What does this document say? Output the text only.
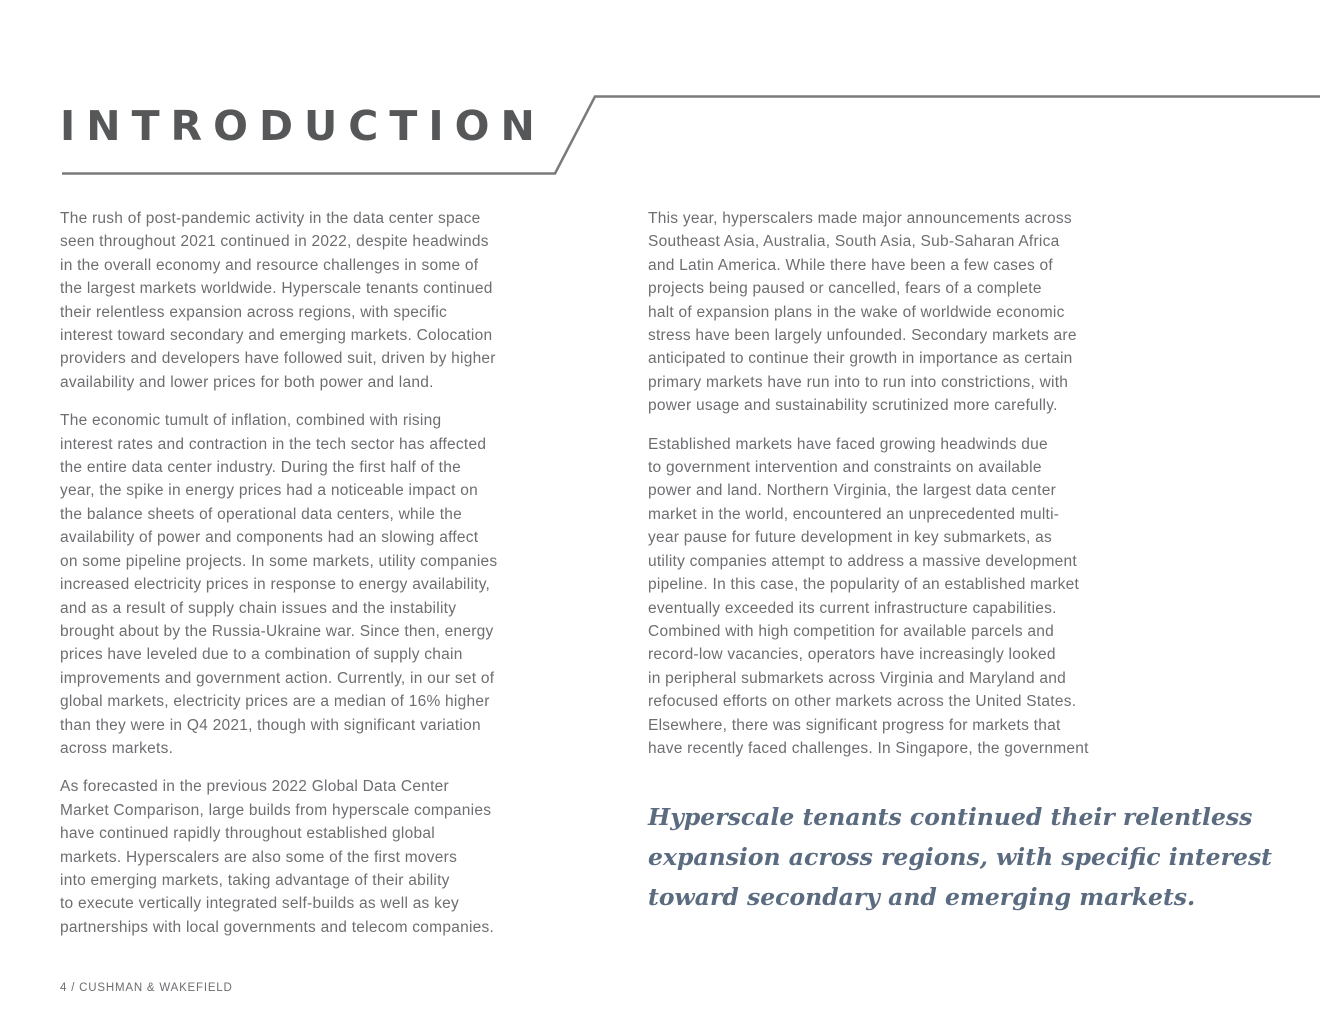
INTRODUCTION

The rush of post-pandemic activity in the data center space
seen throughout 2021 continued in 2022, despite headwinds
in the overall economy and resource challenges in some of
the largest markets worldwide. Hyperscale tenants continued
their relentless expansion across regions, with specific
interest toward secondary and emerging markets. Colocation
providers and developers have followed suit, driven by higher
availability and lower prices for both power and land.

The economic tumult of inflation, combined with rising
interest rates and contraction in the tech sector has affected
the entire data center industry. During the first half of the
year, the spike in energy prices had a noticeable impact on
the balance sheets of operational data centers, while the
availability of power and components had an slowing affect
on some pipeline projects. In some markets, utility companies
increased electricity prices in response to energy availability,
and as a result of supply chain issues and the instability
brought about by the Russia-Ukraine war. Since then, energy
prices have leveled due to a combination of supply chain
improvements and government action. Currently, in our set of
global markets, electricity prices are a median of 16% higher
than they were in Q4 2021, though with significant variation
across markets.

As forecasted in the previous 2022 Global Data Center
Market Comparison, large builds from hyperscale companies
have continued rapidly throughout established global
markets. Hyperscalers are also some of the first movers
into emerging markets, taking advantage of their ability
to execute vertically integrated self-builds as well as key
partnerships with local governments and telecom companies.

This year, hyperscalers made major announcements across
Southeast Asia, Australia, South Asia, Sub-Saharan Africa
and Latin America. While there have been a few cases of
projects being paused or cancelled, fears of a complete
halt of expansion plans in the wake of worldwide economic
stress have been largely unfounded. Secondary markets are
anticipated to continue their growth in importance as certain
primary markets have run into to run into constrictions, with
power usage and sustainability scrutinized more carefully.

Established markets have faced growing headwinds due
to government intervention and constraints on available
power and land. Northern Virginia, the largest data center
market in the world, encountered an unprecedented multi-
year pause for future development in key submarkets, as
utility companies attempt to address a massive development
pipeline. In this case, the popularity of an established market
eventually exceeded its current infrastructure capabilities.
Combined with high competition for available parcels and
record-low vacancies, operators have increasingly looked
in peripheral submarkets across Virginia and Maryland and
refocused efforts on other markets across the United States.
Elsewhere, there was significant progress for markets that
have recently faced challenges. In Singapore, the government

Hyperscale tenants continued their relentless
expansion across regions, with specific interest
toward secondary and emerging markets.
4 / CUSHMAN & WAKEFIELD
